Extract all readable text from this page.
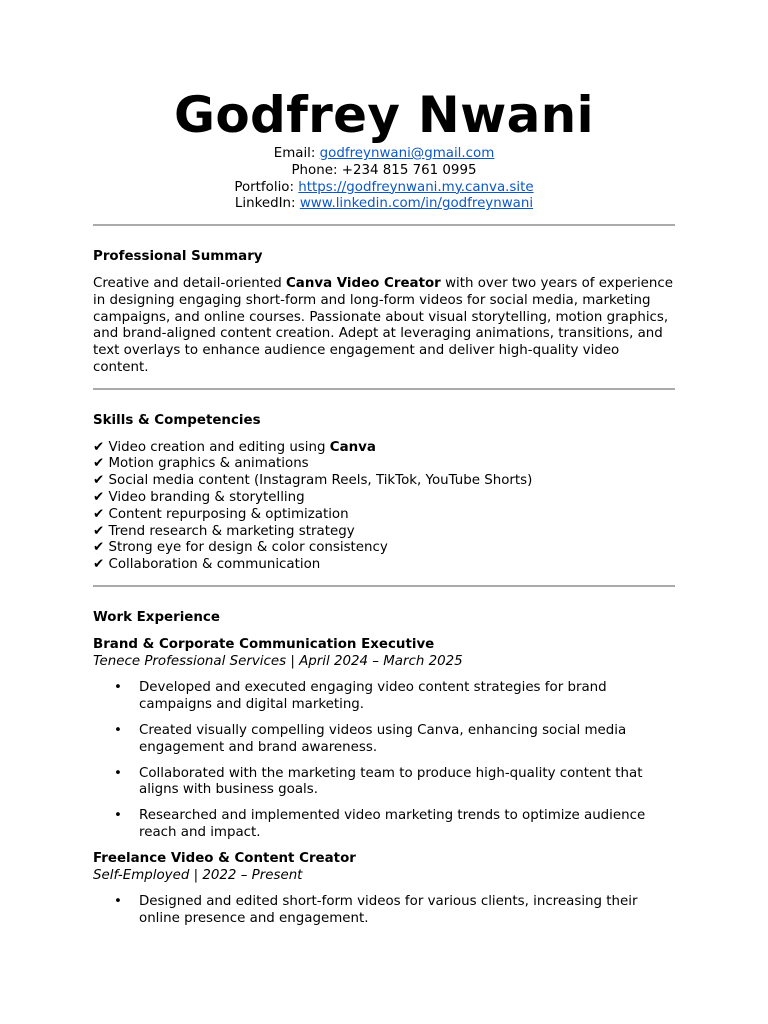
Godfrey Nwani
Email: godfreynwani@gmail.com
Phone: +234 815 761 0995
Portfolio: https://godfreynwani.my.canva.site
LinkedIn: www.linkedin.com/in/godfreynwani
Professional Summary

Creative and detail-oriented Canva Video Creator with over two years of experience in designing engaging short-form and long-form videos for social media, marketing campaigns, and online courses. Passionate about visual storytelling, motion graphics, and brand-aligned content creation. Adept at leveraging animations, transitions, and text overlays to enhance audience engagement and deliver high-quality video content.

Skills & Competencies
✔ Video creation and editing using Canva
✔ Motion graphics & animations
✔ Social media content (Instagram Reels, TikTok, YouTube Shorts)
✔ Video branding & storytelling
✔ Content repurposing & optimization
✔ Trend research & marketing strategy
✔ Strong eye for design & color consistency
✔ Collaboration & communication
Work Experience
Brand & Corporate Communication Executive
Tenece Professional Services | April 2024 – March 2025
• Developed and executed engaging video content strategies for brand campaigns and digital marketing.
• Created visually compelling videos using Canva, enhancing social media engagement and brand awareness.
• Collaborated with the marketing team to produce high-quality content that aligns with business goals.
• Researched and implemented video marketing trends to optimize audience reach and impact.
Freelance Video & Content Creator
Self-Employed | 2022 – Present
• Designed and edited short-form videos for various clients, increasing their online presence and engagement.
